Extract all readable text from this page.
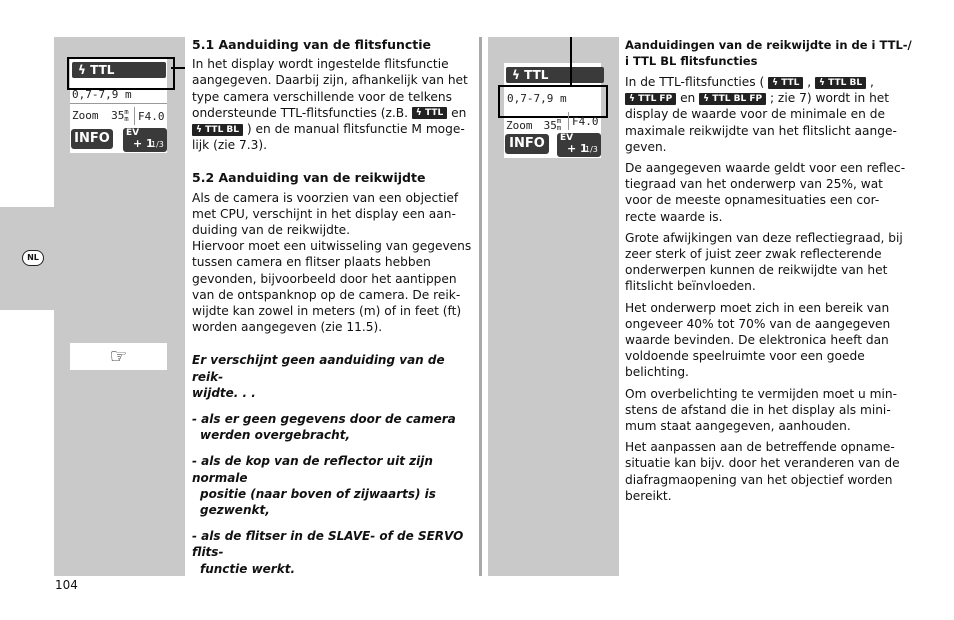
NL
ϟ TTL
0,7-7,9 m
Zoom 35m
m F4.0
INFO	EV
+ 1
1/3
☞
ϟ TTL
0,7-7,9 m
Zoom 35m
m F4.0
INFO	EV
+ 1
1/3
5.1 Aanduiding van de flitsfunctie

In het display wordt ingestelde flitsfunctie
aangegeven. Daarbij zijn, afhankelijk van het
type camera verschillende voor de telkens
ondersteunde TTL-flitsfuncties (z.B. ϟ TTL en
ϟ TTL BL ) en de manual flitsfunctie M moge-
lijk (zie 7.3).

5.2 Aanduiding van de reikwijdte

Als de camera is voorzien van een objectief
met CPU, verschijnt in het display een aan-
duiding van de reikwijdte.
Hiervoor moet een uitwisseling van gegevens
tussen camera en flitser plaats hebben
gevonden, bijvoorbeeld door het aantippen
van de ontspanknop op de camera. De reik-
wijdte kan zowel in meters (m) of in feet (ft)
worden aangegeven (zie 11.5).

Er verschijnt geen aanduiding van de reik-
wijdte. . .

- als er geen gegevens door de camera
werden overgebracht,

- als de kop van de reflector uit zijn normale
positie (naar boven of zijwaarts) is
gezwenkt,

- als de flitser in de SLAVE- of de SERVO flits-
functie werkt.

Aanduidingen van de reikwijdte in de i TTL-/
i TTL BL flitsfuncties

In de TTL-flitsfuncties ( ϟ TTL , ϟ TTL BL ,
ϟ TTL FP en ϟ TTL BL FP ; zie 7) wordt in het
display de waarde voor de minimale en de
maximale reikwijdte van het flitslicht aange-
geven.

De aangegeven waarde geldt voor een reflec-
tiegraad van het onderwerp van 25%, wat
voor de meeste opnamesituaties een cor-
recte waarde is.

Grote afwijkingen van deze reflectiegraad, bij
zeer sterk of juist zeer zwak reflecterende
onderwerpen kunnen de reikwijdte van het
flitslicht beïnvloeden.

Het onderwerp moet zich in een bereik van
ongeveer 40% tot 70% van de aangegeven
waarde bevinden. De elektronica heeft dan
voldoende speelruimte voor een goede
belichting.

Om overbelichting te vermijden moet u min-
stens de afstand die in het display als mini-
mum staat aangegeven, aanhouden.

Het aanpassen aan de betreffende opname-
situatie kan bijv. door het veranderen van de
diafragmaopening van het objectief worden
bereikt.

104
